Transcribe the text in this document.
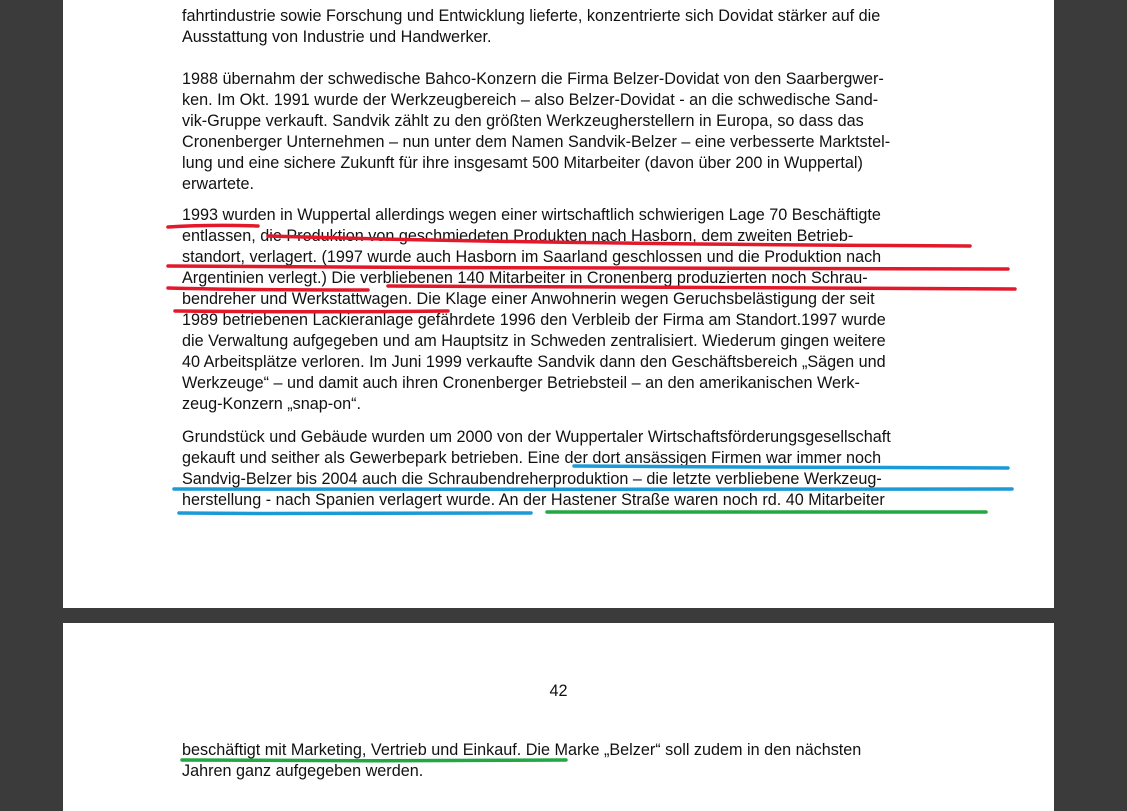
fahrtindustrie sowie Forschung und Entwicklung lieferte, konzentrierte sich Dovidat stärker auf die
Ausstattung von Industrie und Handwerker.
1988 übernahm der schwedische Bahco-Konzern die Firma Belzer-Dovidat von den Saarbergwer-
ken. Im Okt. 1991 wurde der Werkzeugbereich – also Belzer-Dovidat - an die schwedische Sand-
vik-Gruppe verkauft. Sandvik zählt zu den größten Werkzeugherstellern in Europa, so dass das
Cronenberger Unternehmen – nun unter dem Namen Sandvik-Belzer – eine verbesserte Marktstel-
lung und eine sichere Zukunft für ihre insgesamt 500 Mitarbeiter (davon über 200 in Wuppertal)
erwartete.
1993 wurden in Wuppertal allerdings wegen einer wirtschaftlich schwierigen Lage 70 Beschäftigte
entlassen, die Produktion von geschmiedeten Produkten nach Hasborn, dem zweiten Betrieb-
standort, verlagert. (1997 wurde auch Hasborn im Saarland geschlossen und die Produktion nach
Argentinien verlegt.) Die verbliebenen 140 Mitarbeiter in Cronenberg produzierten noch Schrau-
bendreher und Werkstattwagen. Die Klage einer Anwohnerin wegen Geruchsbelästigung der seit
1989 betriebenen Lackieranlage gefährdete 1996 den Verbleib der Firma am Standort.1997 wurde
die Verwaltung aufgegeben und am Hauptsitz in Schweden zentralisiert. Wiederum gingen weitere
40 Arbeitsplätze verloren. Im Juni 1999 verkaufte Sandvik dann den Geschäftsbereich „Sägen und
Werkzeuge“ – und damit auch ihren Cronenberger Betriebsteil – an den amerikanischen Werk-
zeug-Konzern „snap-on“.
Grundstück und Gebäude wurden um 2000 von der Wuppertaler Wirtschaftsförderungsgesellschaft
gekauft und seither als Gewerbepark betrieben. Eine der dort ansässigen Firmen war immer noch
Sandvig-Belzer bis 2004 auch die Schraubendreherproduktion – die letzte verbliebene Werkzeug-
herstellung - nach Spanien verlagert wurde. An der Hastener Straße waren noch rd. 40 Mitarbeiter
42
beschäftigt mit Marketing, Vertrieb und Einkauf. Die Marke „Belzer“ soll zudem in den nächsten
Jahren ganz aufgegeben werden.
